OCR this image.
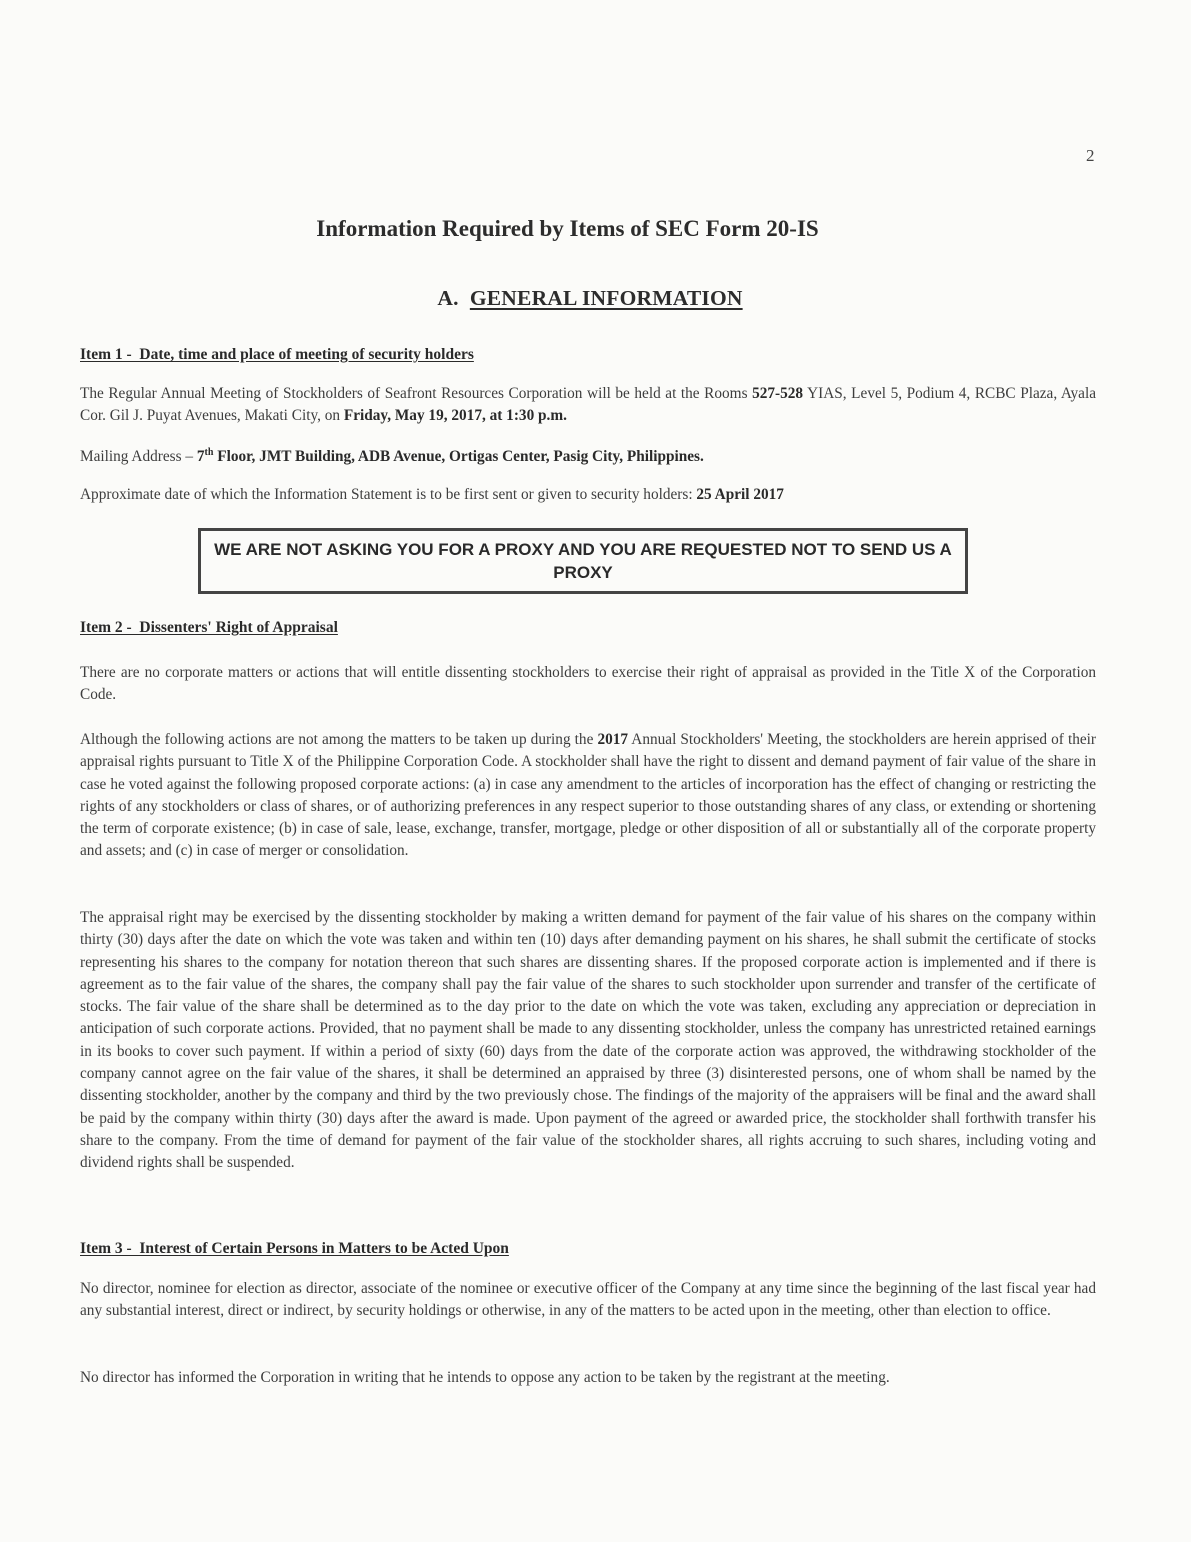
2
Information Required by Items of SEC Form 20-IS
A. GENERAL INFORMATION
Item 1 -  Date, time and place of meeting of security holders

The Regular Annual Meeting of Stockholders of Seafront Resources Corporation will be held at the Rooms 527-528 YIAS, Level 5, Podium 4, RCBC Plaza, Ayala Cor. Gil J. Puyat Avenues, Makati City, on Friday, May 19, 2017, at 1:30 p.m.

Mailing Address – 7th Floor, JMT Building, ADB Avenue, Ortigas Center, Pasig City, Philippines.

Approximate date of which the Information Statement is to be first sent or given to security holders: 25 April 2017

WE ARE NOT ASKING YOU FOR A PROXY AND YOU ARE REQUESTED NOT TO SEND US A PROXY
Item 2 -  Dissenters' Right of Appraisal

There are no corporate matters or actions that will entitle dissenting stockholders to exercise their right of appraisal as provided in the Title X of the Corporation Code.

Although the following actions are not among the matters to be taken up during the 2017 Annual Stockholders' Meeting, the stockholders are herein apprised of their appraisal rights pursuant to Title X of the Philippine Corporation Code. A stockholder shall have the right to dissent and demand payment of fair value of the share in case he voted against the following proposed corporate actions: (a) in case any amendment to the articles of incorporation has the effect of changing or restricting the rights of any stockholders or class of shares, or of authorizing preferences in any respect superior to those outstanding shares of any class, or extending or shortening the term of corporate existence; (b) in case of sale, lease, exchange, transfer, mortgage, pledge or other disposition of all or substantially all of the corporate property and assets; and (c) in case of merger or consolidation.

The appraisal right may be exercised by the dissenting stockholder by making a written demand for payment of the fair value of his shares on the company within thirty (30) days after the date on which the vote was taken and within ten (10) days after demanding payment on his shares, he shall submit the certificate of stocks representing his shares to the company for notation thereon that such shares are dissenting shares. If the proposed corporate action is implemented and if there is agreement as to the fair value of the shares, the company shall pay the fair value of the shares to such stockholder upon surrender and transfer of the certificate of stocks. The fair value of the share shall be determined as to the day prior to the date on which the vote was taken, excluding any appreciation or depreciation in anticipation of such corporate actions. Provided, that no payment shall be made to any dissenting stockholder, unless the company has unrestricted retained earnings in its books to cover such payment. If within a period of sixty (60) days from the date of the corporate action was approved, the withdrawing stockholder of the company cannot agree on the fair value of the shares, it shall be determined an appraised by three (3) disinterested persons, one of whom shall be named by the dissenting stockholder, another by the company and third by the two previously chose. The findings of the majority of the appraisers will be final and the award shall be paid by the company within thirty (30) days after the award is made. Upon payment of the agreed or awarded price, the stockholder shall forthwith transfer his share to the company. From the time of demand for payment of the fair value of the stockholder shares, all rights accruing to such shares, including voting and dividend rights shall be suspended.

Item 3 -  Interest of Certain Persons in Matters to be Acted Upon

No director, nominee for election as director, associate of the nominee or executive officer of the Company at any time since the beginning of the last fiscal year had any substantial interest, direct or indirect, by security holdings or otherwise, in any of the matters to be acted upon in the meeting, other than election to office.

No director has informed the Corporation in writing that he intends to oppose any action to be taken by the registrant at the meeting.
